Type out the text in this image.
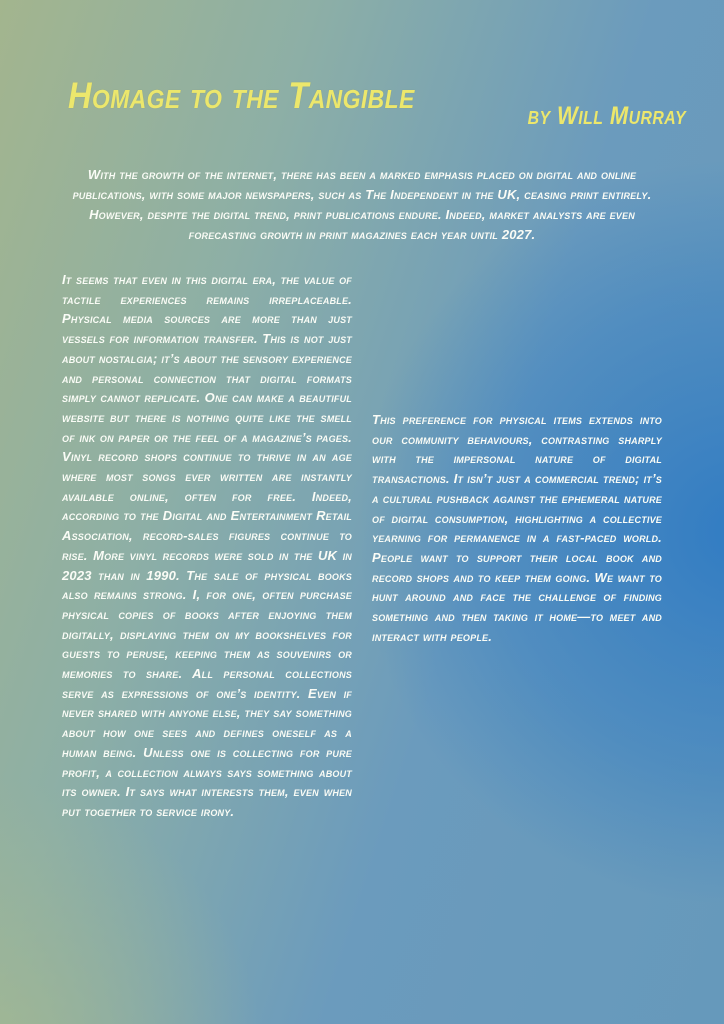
Homage to the Tangible
by Will Murray

With the growth of the internet, there has been a marked emphasis placed on digital and online publications, with some major newspapers, such as The Independent in the UK, ceasing print entirely. However, despite the digital trend, print publications endure. Indeed, market analysts are even forecasting growth in print magazines each year until 2027.

It seems that even in this digital era, the value of tactile experiences remains irreplaceable. Physical media sources are more than just vessels for information transfer. This is not just about nostalgia; it’s about the sensory experience and personal connection that digital formats simply cannot replicate. One can make a beautiful website but there is nothing quite like the smell of ink on paper or the feel of a magazine’s pages. Vinyl record shops continue to thrive in an age where most songs ever written are instantly available online, often for free. Indeed, according to the Digital and Entertainment Retail Association, record-sales figures continue to rise. More vinyl records were sold in the UK in 2023 than in 1990. The sale of physical books also remains strong. I, for one, often purchase physical copies of books after enjoying them digitally, displaying them on my bookshelves for guests to peruse, keeping them as souvenirs or memories to share. All personal collections serve as expressions of one’s identity. Even if never shared with anyone else, they say something about how one sees and defines oneself as a human being. Unless one is collecting for pure profit, a collection always says something about its owner. It says what interests them, even when put together to service irony.

This preference for physical items extends into our community behaviours, contrasting sharply with the impersonal nature of digital transactions. It isn’t just a commercial trend; it’s a cultural pushback against the ephemeral nature of digital consumption, highlighting a collective yearning for permanence in a fast-paced world. People want to support their local book and record shops and to keep them going. We want to hunt around and face the challenge of finding something and then taking it home—to meet and interact with people.
